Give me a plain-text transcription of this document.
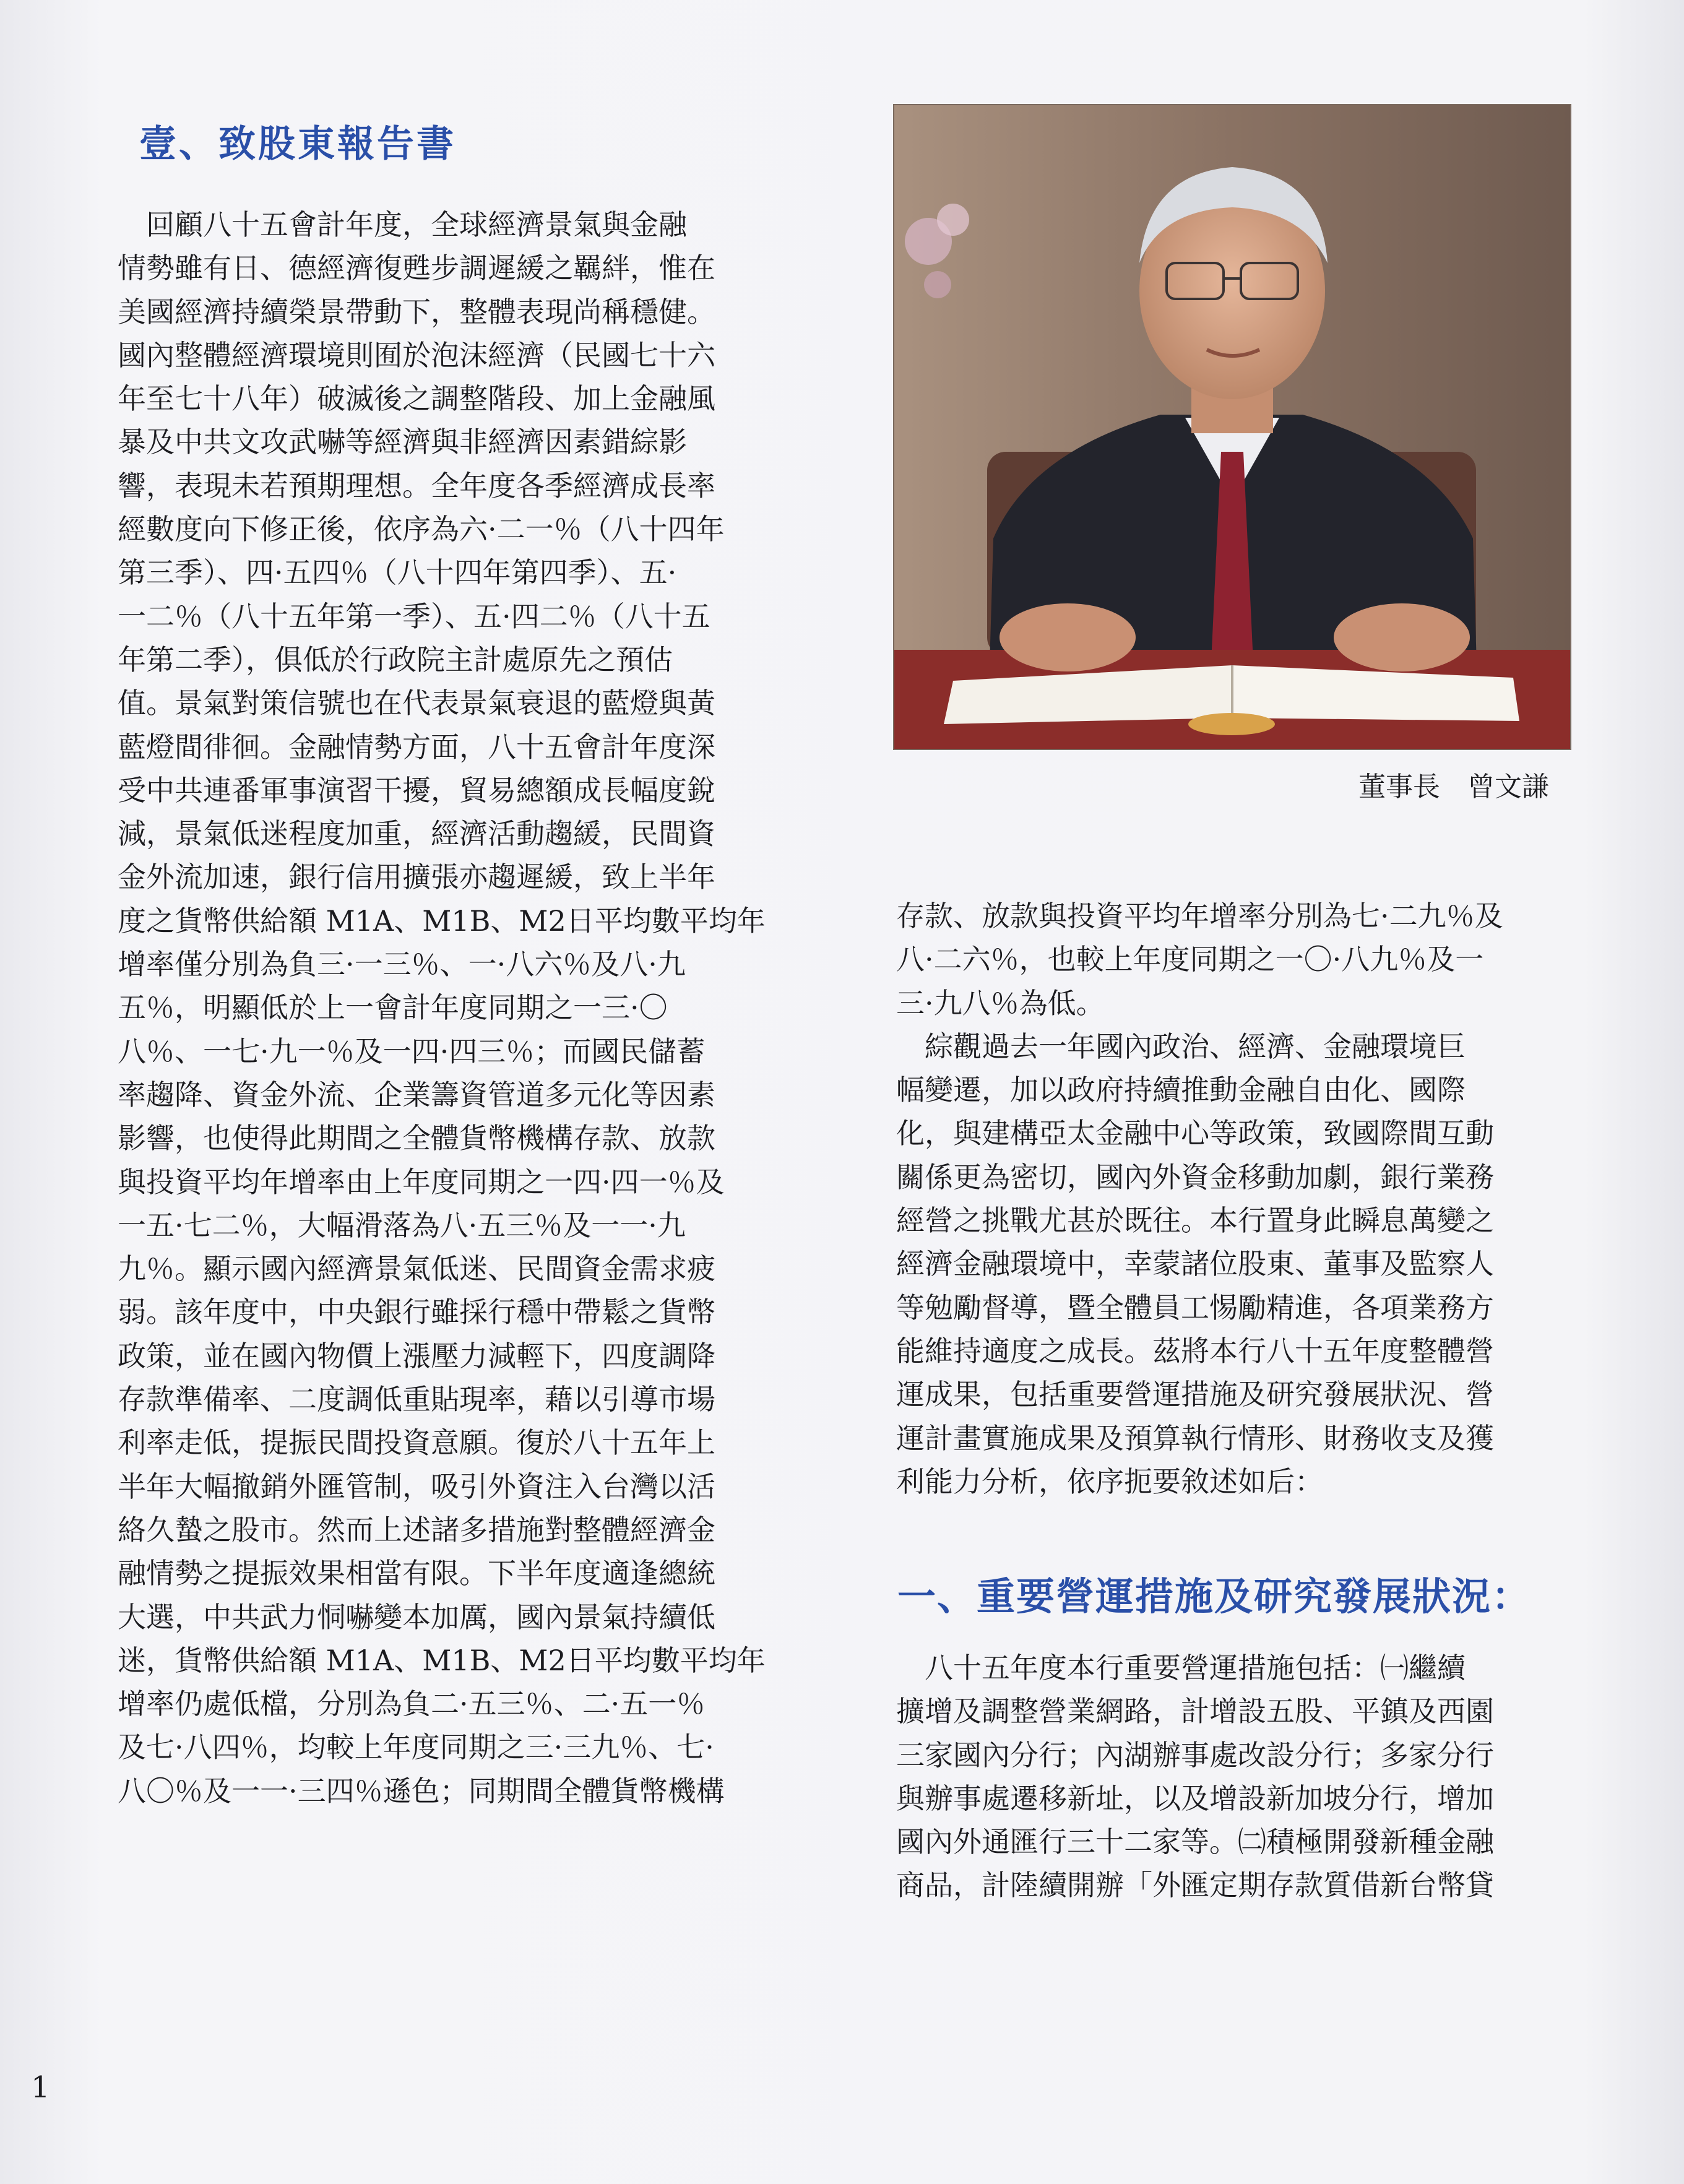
壹、致股東報告書
　回顧八十五會計年度，全球經濟景氣與金融
情勢雖有日、德經濟復甦步調遲緩之羈絆，惟在
美國經濟持續榮景帶動下，整體表現尚稱穩健。
國內整體經濟環境則囿於泡沫經濟（民國七十六
年至七十八年）破滅後之調整階段、加上金融風
暴及中共文攻武嚇等經濟與非經濟因素錯綜影
響，表現未若預期理想。全年度各季經濟成長率
經數度向下修正後，依序為六·二一％（八十四年
第三季）、四·五四％（八十四年第四季）、五·
一二％（八十五年第一季）、五·四二％（八十五
年第二季），俱低於行政院主計處原先之預估
值。景氣對策信號也在代表景氣衰退的藍燈與黃
藍燈間徘徊。金融情勢方面，八十五會計年度深
受中共連番軍事演習干擾，貿易總額成長幅度銳
減，景氣低迷程度加重，經濟活動趨緩，民間資
金外流加速，銀行信用擴張亦趨遲緩，致上半年
度之貨幣供給額 M1A、M1B、M2日平均數平均年
增率僅分別為負三·一三％、一·八六％及八·九
五％，明顯低於上一會計年度同期之一三·〇
八％、一七·九一％及一四·四三％；而國民儲蓄
率趨降、資金外流、企業籌資管道多元化等因素
影響，也使得此期間之全體貨幣機構存款、放款
與投資平均年增率由上年度同期之一四·四一％及
一五·七二％，大幅滑落為八·五三％及一一·九
九％。顯示國內經濟景氣低迷、民間資金需求疲
弱。該年度中，中央銀行雖採行穩中帶鬆之貨幣
政策，並在國內物價上漲壓力減輕下，四度調降
存款準備率、二度調低重貼現率，藉以引導市場
利率走低，提振民間投資意願。復於八十五年上
半年大幅撤銷外匯管制，吸引外資注入台灣以活
絡久蟄之股市。然而上述諸多措施對整體經濟金
融情勢之提振效果相當有限。下半年度適逢總統
大選，中共武力恫嚇變本加厲，國內景氣持續低
迷，貨幣供給額 M1A、M1B、M2日平均數平均年
增率仍處低檔，分別為負二·五三％、二·五一％
及七·八四％，均較上年度同期之三·三九％、七·
八〇％及一一·三四％遜色；同期間全體貨幣機構
董事長　曾文謙
存款、放款與投資平均年增率分別為七·二九％及
八·二六％，也較上年度同期之一〇·八九％及一
三·九八％為低。
　綜觀過去一年國內政治、經濟、金融環境巨
幅變遷，加以政府持續推動金融自由化、國際
化，與建構亞太金融中心等政策，致國際間互動
關係更為密切，國內外資金移動加劇，銀行業務
經營之挑戰尤甚於既往。本行置身此瞬息萬變之
經濟金融環境中，幸蒙諸位股東、董事及監察人
等勉勵督導，暨全體員工惕勵精進，各項業務方
能維持適度之成長。茲將本行八十五年度整體營
運成果，包括重要營運措施及研究發展狀況、營
運計畫實施成果及預算執行情形、財務收支及獲
利能力分析，依序扼要敘述如后：
一、重要營運措施及研究發展狀況：
　八十五年度本行重要營運措施包括：㈠繼續
擴增及調整營業網路，計增設五股、平鎮及西園
三家國內分行；內湖辦事處改設分行；多家分行
與辦事處遷移新址，以及增設新加坡分行，增加
國內外通匯行三十二家等。㈡積極開發新種金融
商品，計陸續開辦「外匯定期存款質借新台幣貸
1
